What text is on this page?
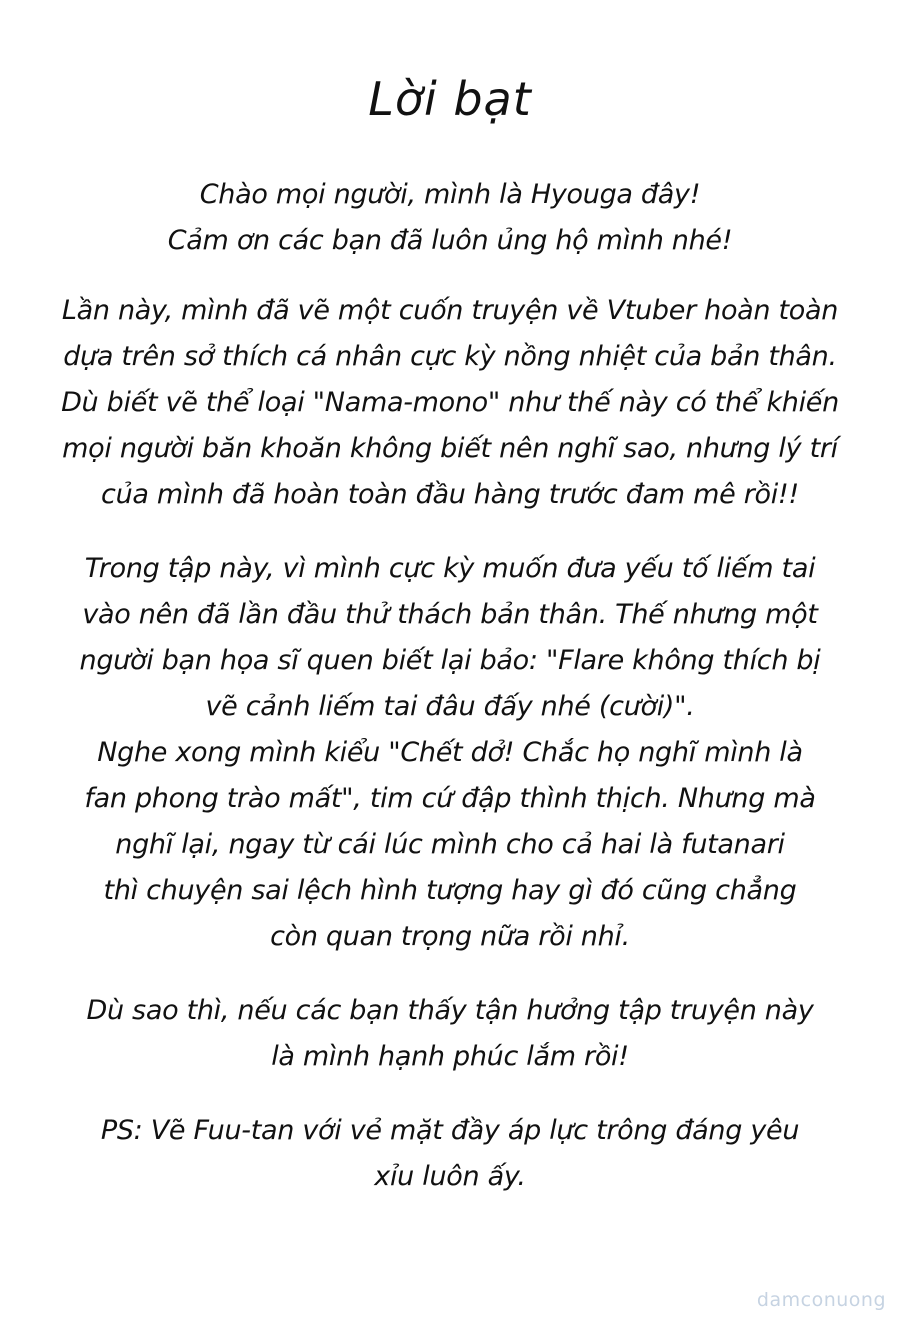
Lời bạt
Chào mọi người, mình là Hyouga đây!
Cảm ơn các bạn đã luôn ủng hộ mình nhé!
Lần này, mình đã vẽ một cuốn truyện về Vtuber hoàn toàn
dựa trên sở thích cá nhân cực kỳ nồng nhiệt của bản thân.
Dù biết vẽ thể loại "Nama-mono" như thế này có thể khiến
mọi người băn khoăn không biết nên nghĩ sao, nhưng lý trí
của mình đã hoàn toàn đầu hàng trước đam mê rồi!!
Trong tập này, vì mình cực kỳ muốn đưa yếu tố liếm tai
vào nên đã lần đầu thử thách bản thân. Thế nhưng một
người bạn họa sĩ quen biết lại bảo: "Flare không thích bị
vẽ cảnh liếm tai đâu đấy nhé (cười)".
Nghe xong mình kiểu "Chết dở! Chắc họ nghĩ mình là
fan phong trào mất", tim cứ đập thình thịch. Nhưng mà
nghĩ lại, ngay từ cái lúc mình cho cả hai là futanari
thì chuyện sai lệch hình tượng hay gì đó cũng chẳng
còn quan trọng nữa rồi nhỉ.
Dù sao thì, nếu các bạn thấy tận hưởng tập truyện này
là mình hạnh phúc lắm rồi!
PS: Vẽ Fuu-tan với vẻ mặt đầy áp lực trông đáng yêu
xỉu luôn ấy.
damconuong
